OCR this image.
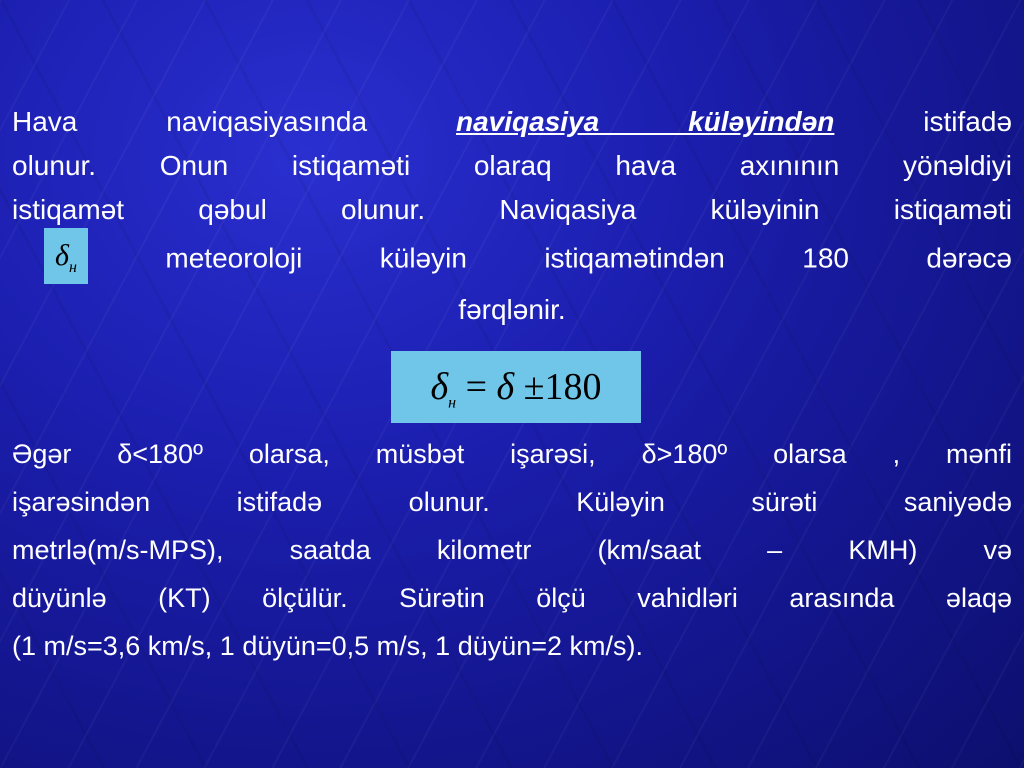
Hava naviqasiyasında	naviqasiya küləyindən	istifadə
olunur. Onun istiqaməti olaraq hava axınının yönəldiyi
istiqamət qəbul olunur. Naviqasiya küləyinin istiqaməti
$\delta_н$	meteoroloji küləyin istiqamətindən 180 dərəcə
fərqlənir.
$\delta_н = \delta \pm 180$
Əgər δ<180º olarsa, müsbət işarəsi, δ>180º olarsa , mənfi
işarəsindən istifadə olunur. Küləyin sürəti saniyədə
metrlə(m/s-MPS), saatda kilometr (km/saat – KMH) və
düyünlə (KT) ölçülür. Sürətin ölçü vahidləri arasında əlaqə
(1 m/s=3,6 km/s, 1 düyün=0,5 m/s, 1 düyün=2 km/s).
